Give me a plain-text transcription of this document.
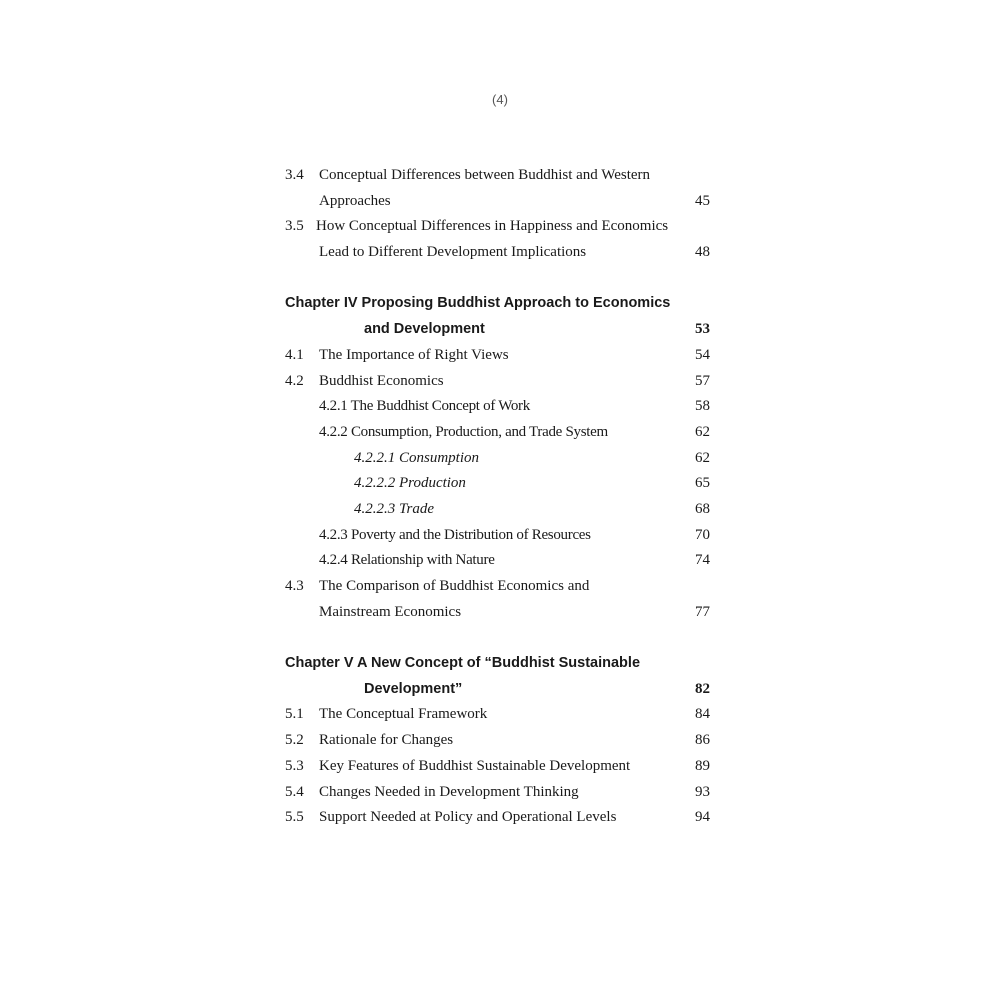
(4)
3.4 Conceptual Differences between Buddhist and Western
Approaches	45
3.5 How Conceptual Differences in Happiness and Economics
Lead to Different Development Implications	48
Chapter IV Proposing Buddhist Approach to Economics
and Development	53
4.1 The Importance of Right Views	54
4.2 Buddhist Economics	57
4.2.1 The Buddhist Concept of Work	58
4.2.2 Consumption, Production, and Trade System	62
4.2.2.1 Consumption	62
4.2.2.2 Production	65
4.2.2.3 Trade	68
4.2.3 Poverty and the Distribution of Resources	70
4.2.4 Relationship with Nature	74
4.3 The Comparison of Buddhist Economics and
Mainstream Economics	77
Chapter V A New Concept of “Buddhist Sustainable
Development”	82
5.1 The Conceptual Framework	84
5.2 Rationale for Changes	86
5.3 Key Features of Buddhist Sustainable Development	89
5.4 Changes Needed in Development Thinking	93
5.5 Support Needed at Policy and Operational Levels	94
